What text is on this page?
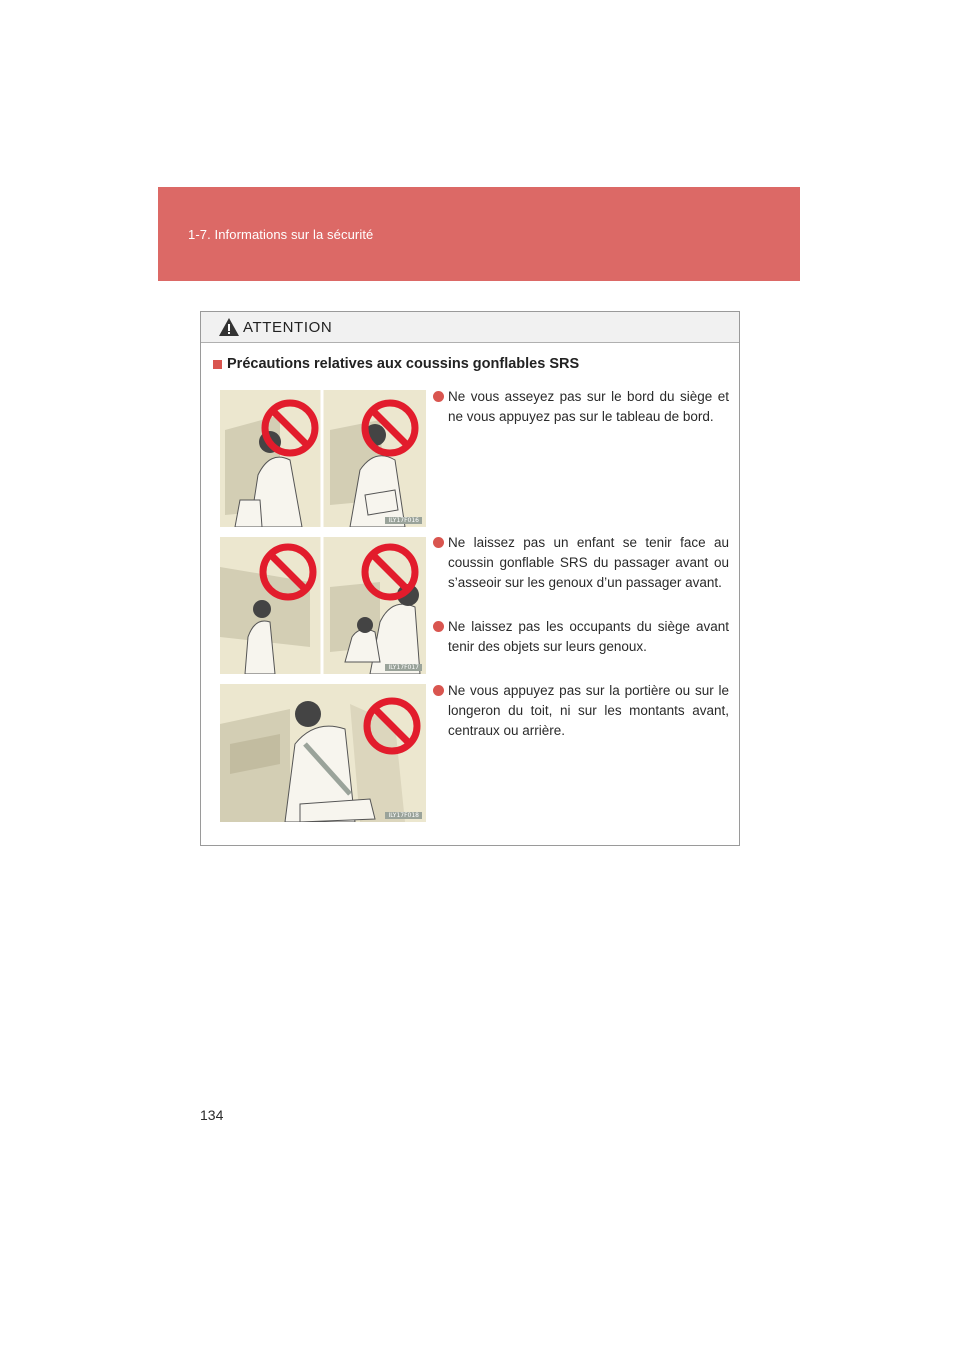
1-7. Informations sur la sécurité
ATTENTION
Précautions relatives aux coussins gonflables SRS
ILY17F016
ILY17F017
ILY17F018
Ne vous asseyez pas sur le bord du siège et ne vous appuyez pas sur le tableau de bord.
Ne laissez pas un enfant se tenir face au coussin gonflable SRS du passager avant ou s’asseoir sur les genoux d’un passager avant.
Ne laissez pas les occupants du siège avant tenir des objets sur leurs genoux.
Ne vous appuyez pas sur la portière ou sur le longeron du toit, ni sur les montants avant, centraux ou arrière.
134
